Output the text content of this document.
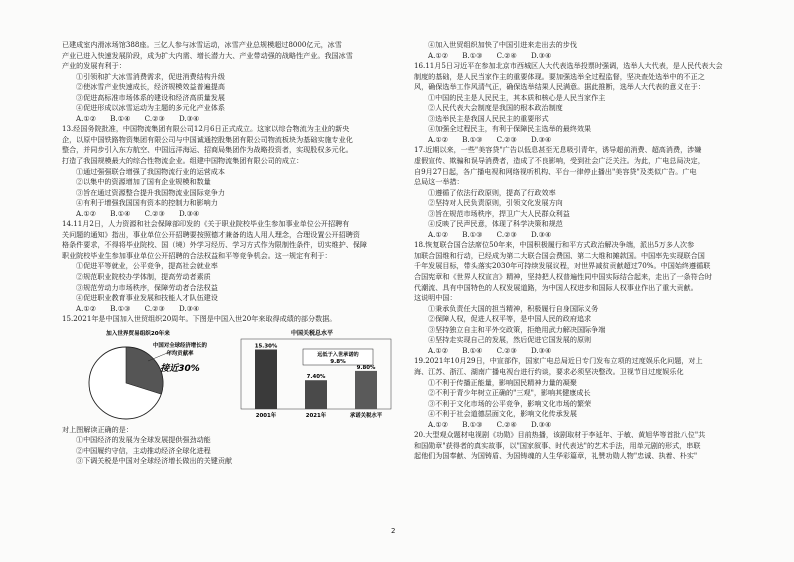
已建成室内滑冰场馆388座。三亿人参与冰雪运动，冰雪产业总规模超过8000亿元，冰雪
产业已进入快速发展阶段，成为扩大内需、增长潜力大、产业带动强的战略性产业。我国冰雪
产业的发展有利于：
①引领和扩大冰雪消费需求，促进消费结构升级
②使冰雪产业快速成长，经济规模效益普遍提高
③促进高标准市场体系的建设和经济高质量发展
④促进形成以冰雪运动为主题的多元化产业体系
A.①②　　B.①④　　C.②③　　D.③④
13.经国务院批准，中国物流集团有限公司12月6日正式成立。这家以综合物流为主业的新央
企，以原中国铁路物资集团有限公司与中国诚通控股集团有限公司物流板块为基础实施专业化
整合，并同步引入东方航空、中国远洋海运、招商局集团作为战略投资者，实现股权多元化。
打造了我国规模最大的综合性物流企业。组建中国物流集团有限公司的成立：
①通过强强联合增强了我国物流行业的运营成本
②以集中的资源增加了国有企业规模和数量
③旨在通过资源整合提升我国物流业国际竞争力
④有利于增强我国国有资本的控制力和影响力
A.①②　　B.①④　　C.②③　　D.③④
14.11月2日，人力资源和社会保障部印发的《关于职业院校毕业生参加事业单位公开招聘有
关问题的通知》指出，事业单位公开招聘要按照德才兼备的选人用人理念，合理设置公开招聘资
格条件要求，不得将毕业院校、国（境）外学习经历、学习方式作为限制性条件，切实维护、保障
职业院校毕业生参加事业单位公开招聘的合法权益和平等竞争机会。这一规定有利于：
①促进平等就业，公平竞争，提高社会就业率
②规范职业院校办学体制，提高劳动者素质
③规范劳动力市场秩序，保障劳动者合法权益
④促进职业教育事业发展和技能人才队伍建设
A.①②　　B.①③　　C.②③　　D.③④
15.2021年是中国加入世贸组织20周年。下图是中国入世20年来取得成绩的部分数据。
加入世界贸易组织20年来
中国对全球经济增长的
年均贡献率
接近30%
中国关税总水平
15.30%
2001年
7.40%
2021年
9.80%
承诺关税水平
远低于入世承诺的
9.8%
对上图解读正确的是：
①中国经济的发展为全球发展提供强劲动能
②中国履约守信，主动推动经济全球化进程
③下调关税是中国对全球经济增长做出的关键贡献
④加入世贸组织加快了中国引进来走出去的步伐
A.①②　　B.①③　　C.②④　　D.③④
16.11月5日习近平在参加北京市西城区人大代表选举投票时强调，选举人大代表，是人民代表大会
制度的基础，是人民当家作主的重要体现。要加强选举全过程监督，坚决查处选举中的不正之
风，确保选举工作风清气正，确保选举结果人民满意。据此推断，选举人大代表的意义在于：
①中国的民主是人民民主，其本质和核心是人民当家作主
②人民代表大会制度是我国的根本政治制度
③选举民主是我国人民民主的重要形式
④加强全过程民主，有利于保障民主选举的最终效果
A.①②　　B.①③　　C.②③　　D.③④
17.近期以来，一些"美容贷"广告以低息甚至无息吸引青年，诱导超前消费、超高消费，涉嫌
虚假宣传、欺骗和误导消费者，造成了不良影响，受到社会广泛关注。为此，广电总局决定，
自9月27日起，各广播电视和网络视听机构、平台一律停止播出"美容贷"及类似广告。广电
总局这一举措：
①遵循了依法行政原则，提高了行政效率
②坚持对人民负责原则，引领文化发展方向
③旨在规范市场秩序，捍卫广大人民群众利益
④反映了民声民意，体现了科学决策和规范
A.①②　　B.①③　　C.②③　　D.③④
18.恢复联合国合法席位50年来，中国积极履行和平方式政治解决争端，派出5万多人次参
加联合国维和行动，已经成为第二大联合国会费国、第二大维和摊款国。中国率先实现联合国
千年发展目标，带头落实2030年可持续发展议程，对世界减贫贡献超过70%。中国始终遵循联
合国宪章和《世界人权宣言》精神，坚持把人权普遍性同中国实际结合起来，走出了一条符合时
代潮流、具有中国特色的人权发展道路，为中国人权进步和国际人权事业作出了重大贡献。
这说明中国：
①秉承负责任大国的担当精神，积极履行自身国际义务
②保障人权，促进人权平等，是中国人民的政府追求
③坚持独立自主和平外交政策，拒绝用武力解决国际争端
④坚持走实现自己的发展，然后促进它国发展的原则
A.①②　　B.①④　　C.②③　　D.③④
19.2021年10月29日，中宣部作，国家广电总局近日专门发布立项的过度娱乐化问题，对上
海、江苏、浙江、湖南广播电视台进行约谈，要求必须坚决整改。卫视节目过度娱乐化
①不利于传播正能量，影响国民精神力量的凝聚
②不利于青少年树立正确的"三观"，影响其健康成长
③不利于文化市场的公平竞争，影响文化市场的繁荣
④不利于社会道德层面文化，影响文化传承发展
A.①②　　B.①③　　C.②④　　D.③④
20.大型观众题材电视剧《功勋》目前热播，该剧取材于李延年、于敏、黄旭华等首批八位"共
和国勋章"获得者的真实故事，以"国家叙事、时代表达"的艺术手法，用单元剧的形式，串联
起他们为国奉献、为国铸盾、为国铸魂的人生华彩篇章，礼赞功勋人物"忠诚、执着、朴实"
2
